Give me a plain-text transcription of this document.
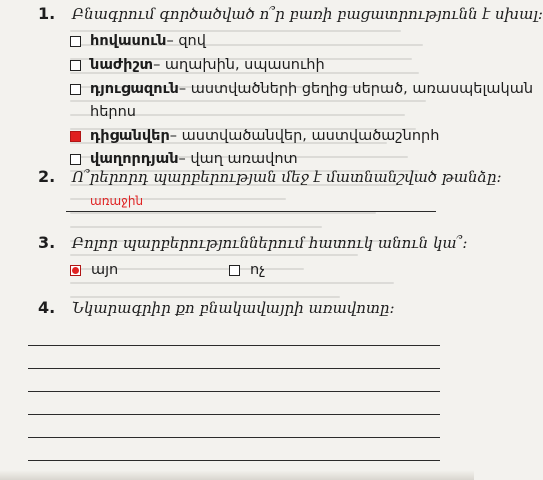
1. Բնագրում գործածված ո՞ր բառի բացատրությունն է սխալ:
հովասուն – զով
նաժիշտ – աղախին, սպասուհի
դյուցազուն – աստվածների ցեղից սերած, առասպելական
հերոս
դիցանվեր – աստվածանվեր, աստվածաշնորհ
վաղորդյան – վաղ առավոտ
2. Ո՞րերորդ պարբերության մեջ է մատնանշված թանձը:
առաջին
3. Բոլոր պարբերություններում հատուկ անուն կա՞:
այո	ոչ
4. Նկարագրիր քո բնակավայրի առավոտը:
